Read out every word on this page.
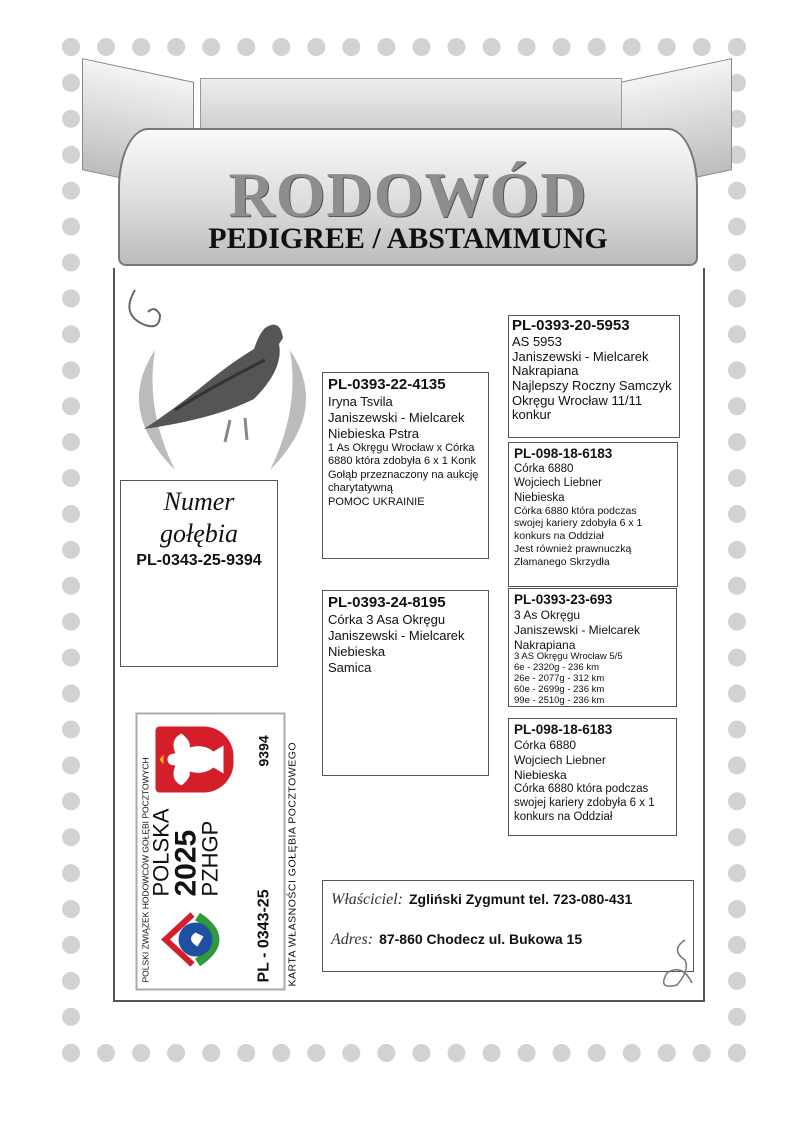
RODOWÓD
PEDIGREE / ABSTAMMUNG
Numer gołębia
PL-0343-25-9394
PL-0393-22-4135
Iryna Tsvila
Janiszewski - Mielcarek
Niebieska Pstra
1 As Okręgu Wrocław x Córka 6880 która zdobyła 6 x 1 Konk
Gołąb przeznaczony na aukcję charytatywną
POMOC UKRAINIE
PL-0393-24-8195
Córka 3 Asa Okręgu
Janiszewski - Mielcarek
Niebieska
Samica
PL-0393-20-5953
AS 5953
Janiszewski - Mielcarek
Nakrapiana
Najlepszy Roczny Samczyk
Okręgu Wrocław 11/11
konkur
PL-098-18-6183
Córka 6880
Wojciech Liebner
Niebieska
Córka 6880 która podczas
swojej kariery zdobyła 6 x 1
konkurs na Oddział
Jest również prawnuczką
Złamanego Skrzydła
PL-0393-23-693
3 As Okręgu
Janiszewski - Mielcarek
Nakrapiana
3 AS Okręgu Wrocław 5/5
6e - 2320g - 236 km
26e - 2077g - 312 km
60e - 2699g - 236 km
99e - 2510g - 236 km
PL-098-18-6183
Córka 6880
Wojciech Liebner
Niebieska
Córka 6880 która podczas
swojej kariery zdobyła 6 x 1
konkurs na Oddział
POLSKI ZWIĄZEK HODOWCÓW GOŁĘBI POCZTOWYCH
POLSKA
2025
PZHGP
PL - 0343-25
9394 KARTA WŁASNOŚCI GOŁĘBIA POCZTOWEGO Właściciel: Zgliński Zygmunt tel. 723-080-431
Adres: 87-860 Chodecz ul. Bukowa 15
